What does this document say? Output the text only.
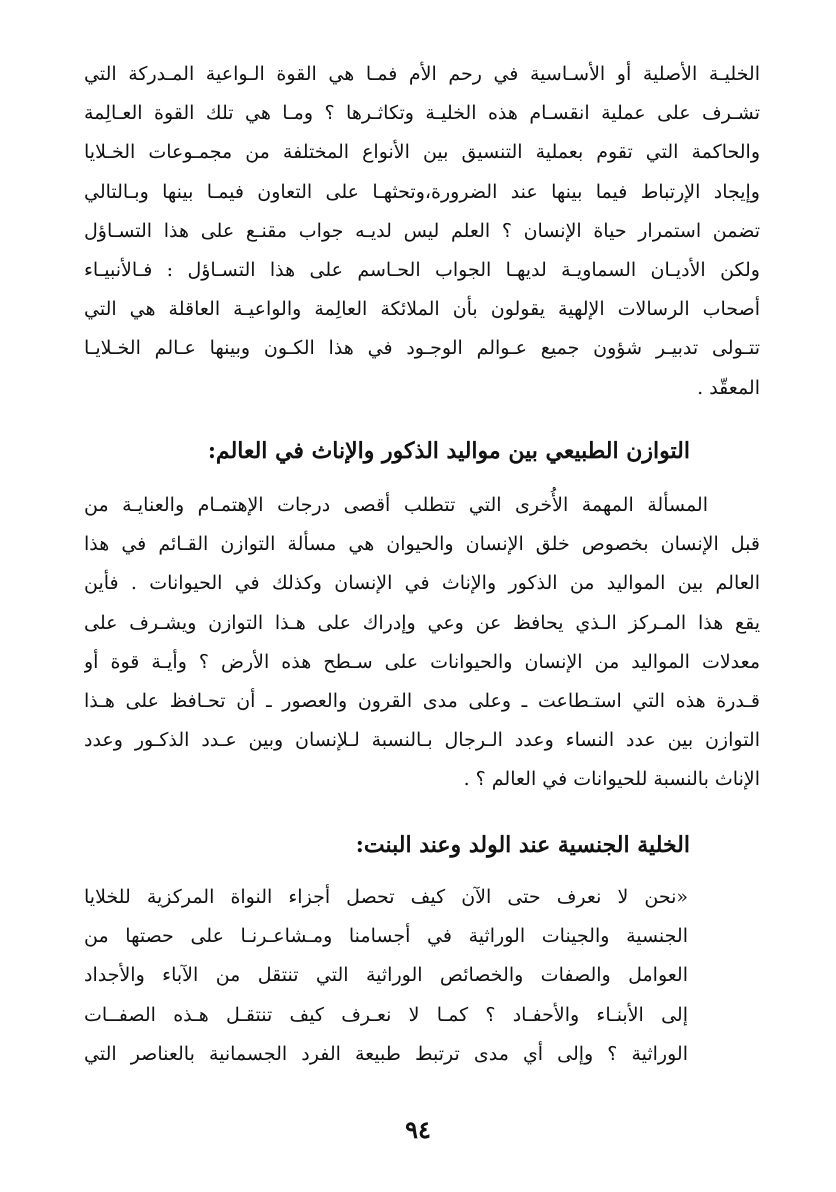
الخليـة الأصلية أو الأسـاسية في رحم الأم فمـا هي القوة الـواعية المـدركة التي
تشـرف على عملية انقسـام هذه الخليـة وتكاثـرها ؟ ومـا هي تلك القوة العـالِمة
والحاكمة التي تقوم بعملية التنسيق بين الأنواع المختلفة من مجمـوعات الخـلايا
وإيجاد الإرتباط فيما بينها عند الضرورة،وتحثهـا على التعاون فيمـا بينها وبـالتالي
تضمن استمرار حياة الإنسان ؟ العلم ليس لديـه جواب مقنـع على هذا التسـاؤل
ولكن الأديـان السماويـة لديهـا الجواب الحـاسم على هذا التسـاؤل : فـالأنبيـاء
أصحاب الرسالات الإلهية يقولون بأن الملائكة العالِمة والواعيـة العاقلة هي التي
تتـولى تدبيـر شؤون جميع عـوالم الوجـود في هذا الكـون وبينها عـالم الخـلايـا
المعقّد .
التوازن الطبيعي بين مواليد الذكور والإناث في العالم:
المسألة المهمة الأُخرى التي تتطلب أقصى درجات الإهتمـام والعنايـة من
قبل الإنسان بخصوص خلق الإنسان والحيوان هي مسألة التوازن القـائم في هذا
العالم بين المواليد من الذكور والإناث في الإنسان وكذلك في الحيوانات . فأين
يقع هذا المـركز الـذي يحافظ عن وعي وإدراك على هـذا التوازن ويشـرف على
معدلات المواليد من الإنسان والحيوانات على سـطح هذه الأرض ؟ وأيـة قوة أو
قـدرة هذه التي استـطاعت ـ وعلى مدى القرون والعصور ـ أن تحـافظ على هـذا
التوازن بين عدد النساء وعدد الـرجال بـالنسبة لـلإنسان وبين عـدد الذكـور وعدد
الإناث بالنسبة للحيوانات في العالم ؟ .
الخلية الجنسية عند الولد وعند البنت:
«نحن لا نعرف حتى الآن كيف تحصل أجزاء النواة المركزية للخلايا
الجنسية والجينات الوراثية في أجسامنا ومـشاعـرنـا على حصتها من
العوامل والصفات والخصائص الوراثية التي تنتقل من الآباء والأجداد
إلى الأبنـاء والأحفـاد ؟ كمـا لا نعـرف كيف تنتقـل هـذه الصفــات
الوراثية ؟ وإلى أي مدى ترتبط طبيعة الفرد الجسمانية بالعناصر التي
٩٤
